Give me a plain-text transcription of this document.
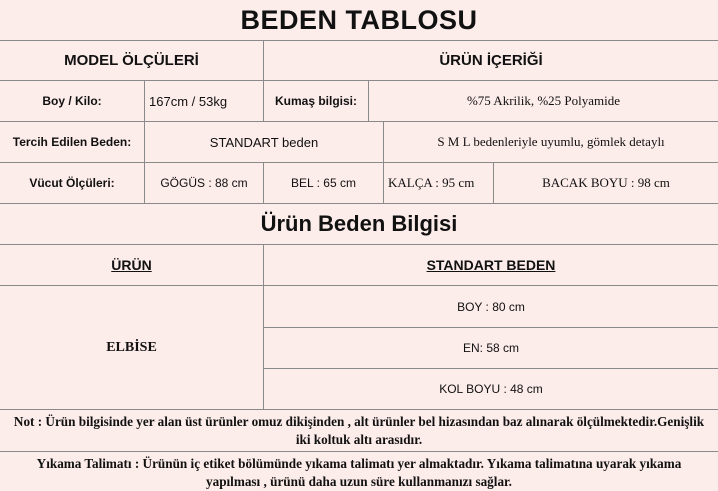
BEDEN TABLOSU
MODEL ÖLÇÜLERİ	ÜRÜN İÇERİĞİ
Boy / Kilo:	167cm / 53kg	Kumaş bilgisi:	%75 Akrilik, %25 Polyamide
Tercih Edilen Beden:	STANDART beden	S M L bedenleriyle uyumlu, gömlek detaylı
Vücut Ölçüleri:	GÖGÜS : 88 cm	BEL : 65 cm	KALÇA : 95 cm	BACAK BOYU : 98 cm
Ürün Beden Bilgisi
ÜRÜN	STANDART BEDEN
ELBİSE
BOY : 80 cm
EN: 58 cm
KOL BOYU : 48 cm
Not : Ürün bilgisinde yer alan üst ürünler omuz dikişinden , alt ürünler bel hizasından baz alınarak ölçülmektedir.Genişlik iki koltuk altı arasıdır.
Yıkama Talimatı : Ürünün iç etiket bölümünde yıkama talimatı yer almaktadır. Yıkama talimatına uyarak yıkama yapılması , ürünü daha uzun süre kullanmanızı sağlar.
